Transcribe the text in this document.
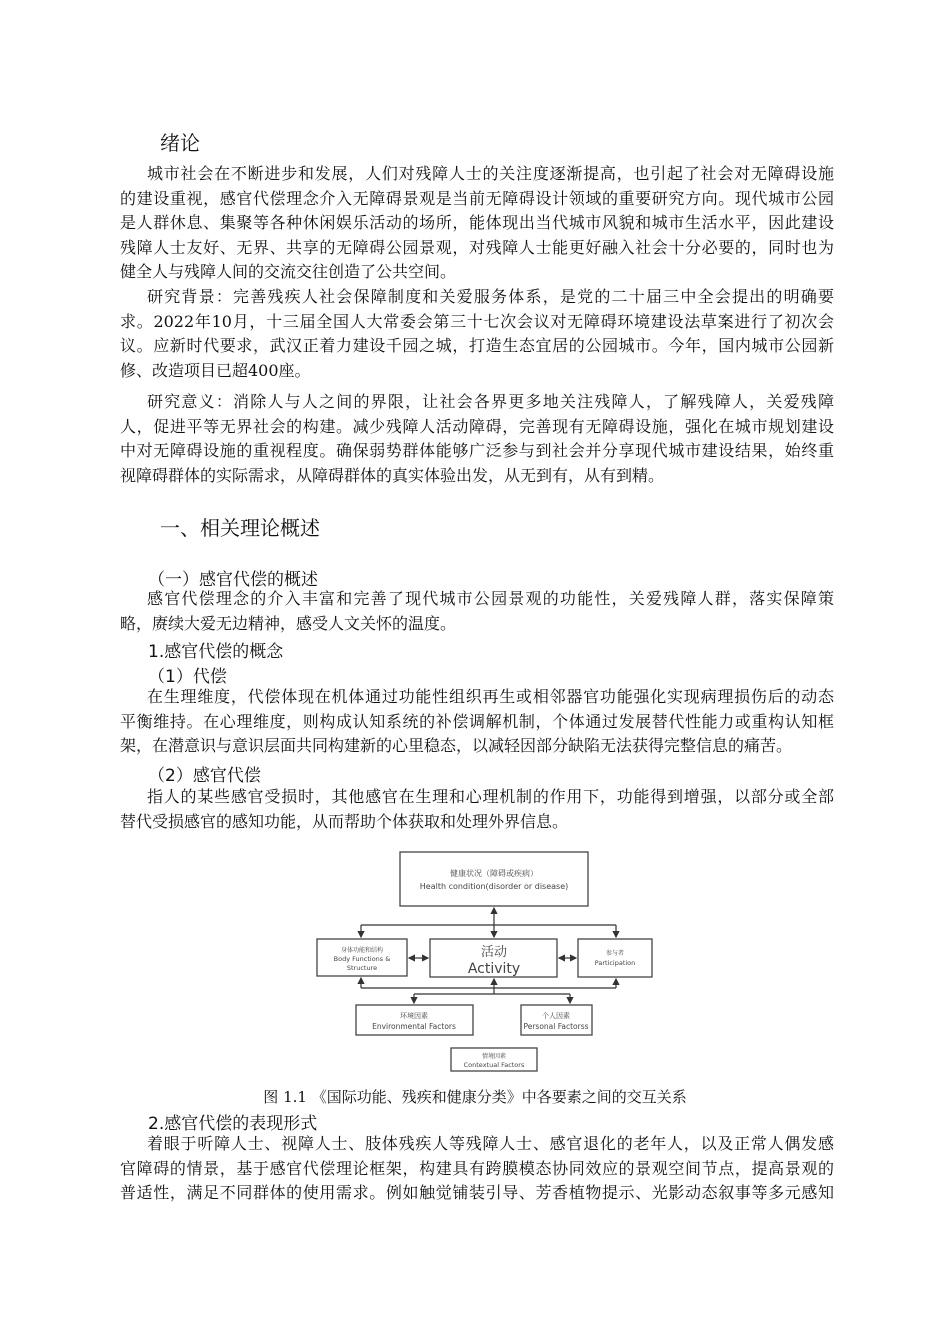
绪论
城市社会在不断进步和发展，人们对残障人士的关注度逐渐提高，也引起了社会对无障碍设施
的建设重视，感官代偿理念介入无障碍景观是当前无障碍设计领域的重要研究方向。现代城市公园
是人群休息、集聚等各种休闲娱乐活动的场所，能体现出当代城市风貌和城市生活水平，因此建设
残障人士友好、无界、共享的无障碍公园景观，对残障人士能更好融入社会十分必要的，同时也为
健全人与残障人间的交流交往创造了公共空间。
研究背景：完善残疾人社会保障制度和关爱服务体系，是党的二十届三中全会提出的明确要
求。2022年10月，十三届全国人大常委会第三十七次会议对无障碍环境建设法草案进行了初次会
议。应新时代要求，武汉正着力建设千园之城，打造生态宜居的公园城市。今年，国内城市公园新
修、改造项目已超400座。
研究意义：消除人与人之间的界限，让社会各界更多地关注残障人，了解残障人，关爱残障
人，促进平等无界社会的构建。减少残障人活动障碍，完善现有无障碍设施，强化在城市规划建设
中对无障碍设施的重视程度。确保弱势群体能够广泛参与到社会并分享现代城市建设结果，始终重
视障碍群体的实际需求，从障碍群体的真实体验出发，从无到有，从有到精。
一、相关理论概述
（一）感官代偿的概述
感官代偿理念的介入丰富和完善了现代城市公园景观的功能性，关爱残障人群，落实保障策
略，赓续大爱无边精神，感受人文关怀的温度。
1.感官代偿的概念
（1）代偿
在生理维度，代偿体现在机体通过功能性组织再生或相邻器官功能强化实现病理损伤后的动态
平衡维持。在心理维度，则构成认知系统的补偿调解机制，个体通过发展替代性能力或重构认知框
架，在潜意识与意识层面共同构建新的心里稳态，以减轻因部分缺陷无法获得完整信息的痛苦。
（2）感官代偿
指人的某些感官受损时，其他感官在生理和心理机制的作用下，功能得到增强，以部分或全部
替代受损感官的感知功能，从而帮助个体获取和处理外界信息。
健康状况（障碍或疾病）
Health condition(disorder or disease)
身体功能和结构
Body Functions &
Structure
活动
Activity
参与者
Participation
环境因素
Environmental Factors
个人因素
Personal Factorss
情境因素
Contextual Factors
图 1.1 《国际功能、残疾和健康分类》中各要素之间的交互关系
2.感官代偿的表现形式
着眼于听障人士、视障人士、肢体残疾人等残障人士、感官退化的老年人，以及正常人偶发感
官障碍的情景，基于感官代偿理论框架，构建具有跨膜模态协同效应的景观空间节点，提高景观的
普适性，满足不同群体的使用需求。例如触觉铺装引导、芳香植物提示、光影动态叙事等多元感知
